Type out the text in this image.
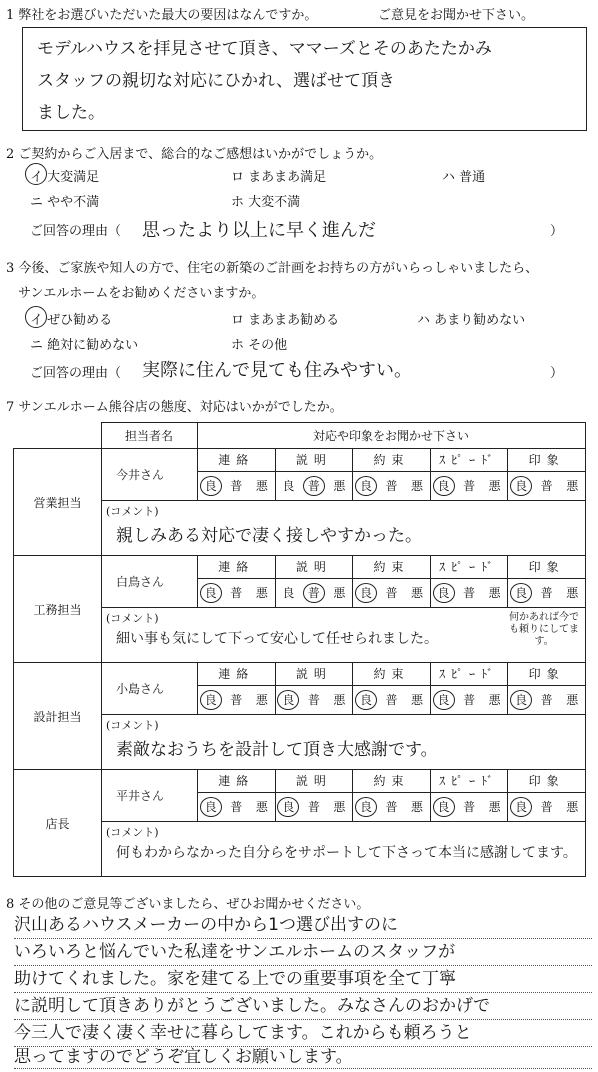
1 弊社をお選びいただいた最大の要因はなんですか。	ご意見をお聞かせ下さい。
モデルハウスを拝見させて頂き、ママーズとそのあたたかみ
スタッフの親切な対応にひかれ、選ばせて頂き
ました。
2 ご契約からご入居まで、総合的なご感想はいかがでしょうか。
イ 大変満足	ロ まあまあ満足	ハ 普通
ニ やや不満	ホ 大変不満
ご回答の理由（ 思ったより以上に早く進んだ	）
3 今後、ご家族や知人の方で、住宅の新築のご計画をお持ちの方がいらっしゃいましたら、
サンエルホームをお勧めくださいますか。
イ ぜひ勧める	ロ まあまあ勧める	ハ あまり勧めない
ニ 絶対に勧めない	ホ その他
ご回答の理由（ 実際に住んで見ても住みやすい。	）
7 サンエルホーム熊谷店の態度、対応はいかがでしたか。
	担当者名	対応や印象をお聞かせ下さい
営業担当	今井さん	
連絡	説明	約束	ｽﾋﾟｰﾄﾞ	印象
良	普	悪	良	普	悪	良	普	悪	良	普	悪	良	普	悪

(コメント)
親しみある対応で凄く接しやすかった。
工務担当	白鳥さん	
連絡	説明	約束	ｽﾋﾟｰﾄﾞ	印象
良	普	悪	良	普	悪	良	普	悪	良	普	悪	良	普	悪

(コメント)
細い事も気にして下って安心して任せられました。
何かあれば今でも頼りにしてます。
設計担当	小島さん	
連絡	説明	約束	ｽﾋﾟｰﾄﾞ	印象
良	普	悪	良	普	悪	良	普	悪	良	普	悪	良	普	悪

(コメント)
素敵なおうちを設計して頂き大感謝です。
店長	平井さん	
連絡	説明	約束	ｽﾋﾟｰﾄﾞ	印象
良	普	悪	良	普	悪	良	普	悪	良	普	悪	良	普	悪

(コメント)
何もわからなかった自分らをサポートして下さって本当に感謝してます。
8 その他のご意見等ございましたら、ぜひお聞かせください。
沢山あるハウスメーカーの中から1つ選び出すのに
いろいろと悩んでいた私達をサンエルホームのスタッフが
助けてくれました。家を建てる上での重要事項を全て丁寧
に説明して頂きありがとうございました。みなさんのおかげで
今三人で凄く凄く幸せに暮らしてます。これからも頼ろうと
思ってますのでどうぞ宜しくお願いします。
